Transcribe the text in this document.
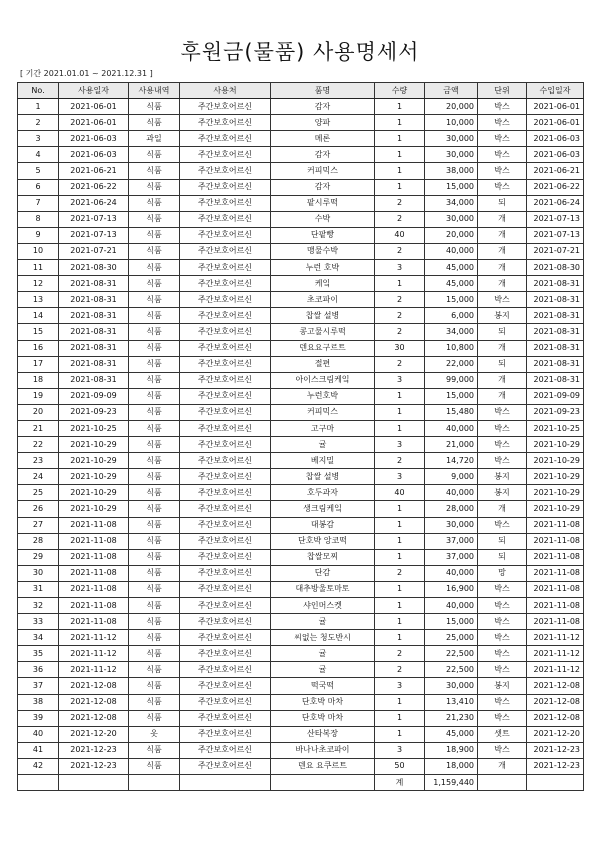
후원금(물품) 사용명세서
[ 기간 2021.01.01 ~ 2021.12.31 ]
No.	사용일자	사용내역	사용처	품명	수량	금액	단위	수입일자
1	2021-06-01	식품	주간보호어르신	감자	1	20,000	박스	2021-06-01
2	2021-06-01	식품	주간보호어르신	양파	1	10,000	박스	2021-06-01
3	2021-06-03	과일	주간보호어르신	메론	1	30,000	박스	2021-06-03
4	2021-06-03	식품	주간보호어르신	감자	1	30,000	박스	2021-06-03
5	2021-06-21	식품	주간보호어르신	커피믹스	1	38,000	박스	2021-06-21
6	2021-06-22	식품	주간보호어르신	감자	1	15,000	박스	2021-06-22
7	2021-06-24	식품	주간보호어르신	팥시루떡	2	34,000	되	2021-06-24
8	2021-07-13	식품	주간보호어르신	수박	2	30,000	개	2021-07-13
9	2021-07-13	식품	주간보호어르신	단팥빵	40	20,000	개	2021-07-13
10	2021-07-21	식품	주간보호어르신	맹물수박	2	40,000	개	2021-07-21
11	2021-08-30	식품	주간보호어르신	누런 호박	3	45,000	개	2021-08-30
12	2021-08-31	식품	주간보호어르신	케잌	1	45,000	개	2021-08-31
13	2021-08-31	식품	주간보호어르신	초코파이	2	15,000	박스	2021-08-31
14	2021-08-31	식품	주간보호어르신	찹쌀 설병	2	6,000	봉지	2021-08-31
15	2021-08-31	식품	주간보호어르신	콩고물시루떡	2	34,000	되	2021-08-31
16	2021-08-31	식품	주간보호어르신	덴요요구르트	30	10,800	개	2021-08-31
17	2021-08-31	식품	주간보호어르신	절편	2	22,000	되	2021-08-31
18	2021-08-31	식품	주간보호어르신	아이스크림케잌	3	99,000	개	2021-08-31
19	2021-09-09	식품	주간보호어르신	누런호박	1	15,000	개	2021-09-09
20	2021-09-23	식품	주간보호어르신	커피믹스	1	15,480	박스	2021-09-23
21	2021-10-25	식품	주간보호어르신	고구마	1	40,000	박스	2021-10-25
22	2021-10-29	식품	주간보호어르신	귤	3	21,000	박스	2021-10-29
23	2021-10-29	식품	주간보호어르신	베지밀	2	14,720	박스	2021-10-29
24	2021-10-29	식품	주간보호어르신	찹쌀 설병	3	9,000	봉지	2021-10-29
25	2021-10-29	식품	주간보호어르신	호두과자	40	40,000	봉지	2021-10-29
26	2021-10-29	식품	주간보호어르신	생크림케잌	1	28,000	개	2021-10-29
27	2021-11-08	식품	주간보호어르신	대봉감	1	30,000	박스	2021-11-08
28	2021-11-08	식품	주간보호어르신	단호박 앙코떡	1	37,000	되	2021-11-08
29	2021-11-08	식품	주간보호어르신	찹쌀모찌	1	37,000	되	2021-11-08
30	2021-11-08	식품	주간보호어르신	단감	2	40,000	망	2021-11-08
31	2021-11-08	식품	주간보호어르신	대추방울토마토	1	16,900	박스	2021-11-08
32	2021-11-08	식품	주간보호어르신	샤인머스켓	1	40,000	박스	2021-11-08
33	2021-11-08	식품	주간보호어르신	귤	1	15,000	박스	2021-11-08
34	2021-11-12	식품	주간보호어르신	씨없는 청도반시	1	25,000	박스	2021-11-12
35	2021-11-12	식품	주간보호어르신	귤	2	22,500	박스	2021-11-12
36	2021-11-12	식품	주간보호어르신	귤	2	22,500	박스	2021-11-12
37	2021-12-08	식품	주간보호어르신	떡국떡	3	30,000	봉지	2021-12-08
38	2021-12-08	식품	주간보호어르신	단호박 마차	1	13,410	박스	2021-12-08
39	2021-12-08	식품	주간보호어르신	단호박 마차	1	21,230	박스	2021-12-08
40	2021-12-20	옷	주간보호어르신	산타복장	1	45,000	셋트	2021-12-20
41	2021-12-23	식품	주간보호어르신	바나나초코파이	3	18,900	박스	2021-12-23
42	2021-12-23	식품	주간보호어르신	덴요 요쿠르트	50	18,000	개	2021-12-23
					계	1,159,440		
